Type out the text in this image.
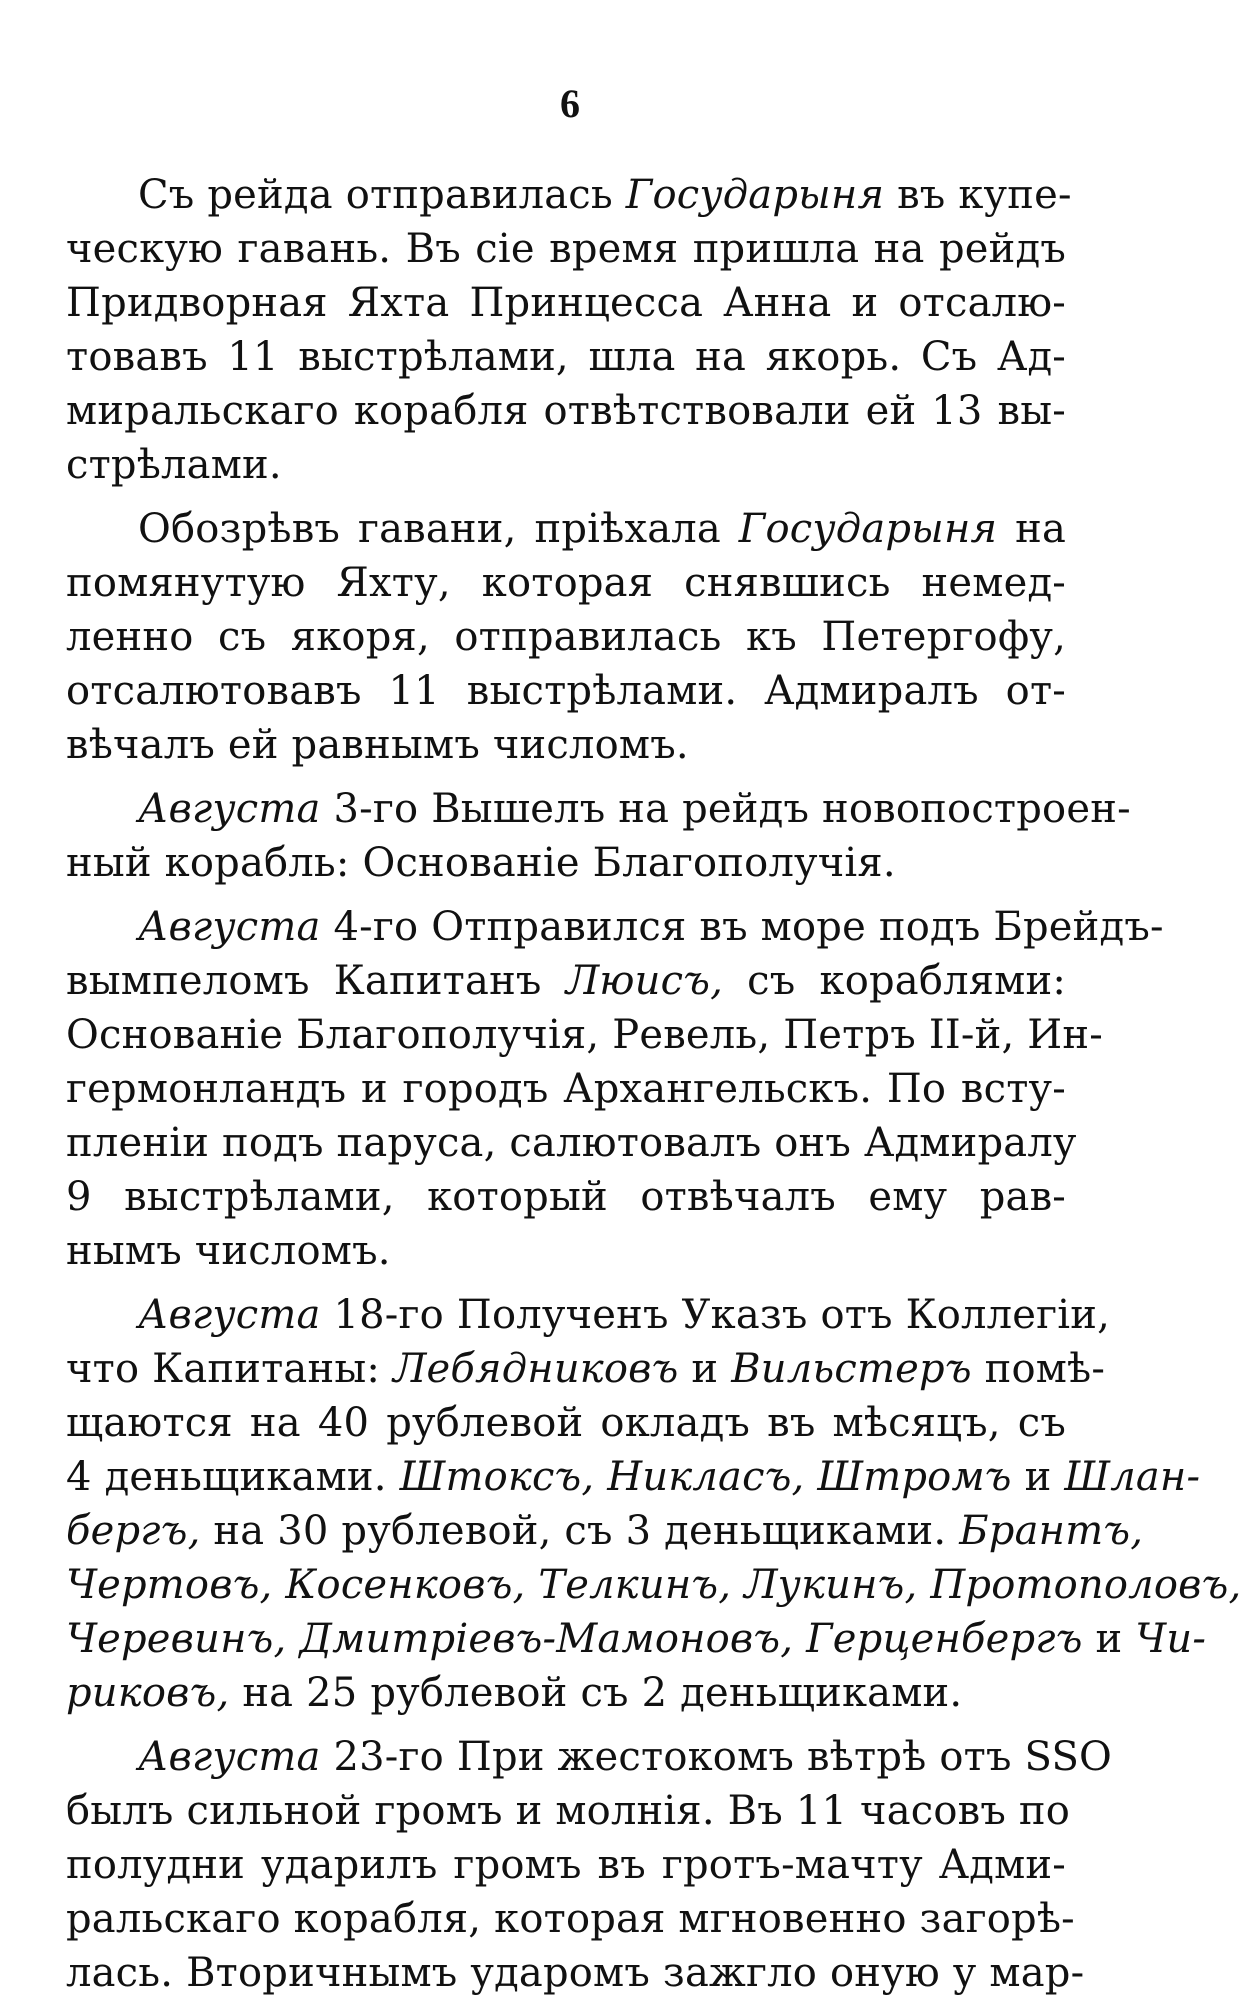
6
Съ рейда отправилась Государыня въ купе-
ческую гавань. Въ сіе время пришла на рейдъ
Придворная Яхта Принцесса Анна и отсалю-
товавъ 11 выстрѣлами, шла на якорь. Съ Ад-
миральскаго корабля отвѣтствовали ей 13 вы-
стрѣлами.
Обозрѣвъ гавани, пріѣхала Государыня на
помянутую Яхту, которая снявшись немед-
ленно съ якоря, отправилась къ Петергофу,
отсалютовавъ 11 выстрѣлами. Адмиралъ от-
вѣчалъ ей равнымъ числомъ.
Августа 3-го Вышелъ на рейдъ новопостроен-
ный корабль: Основаніе Благополучія.
Августа 4-го Отправился въ море подъ Брейдъ-
вымпеломъ Капитанъ Люисъ, съ кораблями:
Основаніе Благополучія, Ревель, Петръ II-й, Ин-
гермонландъ и городъ Архангельскъ. По всту-
пленіи подъ паруса, салютовалъ онъ Адмиралу
9 выстрѣлами, который отвѣчалъ ему рав-
нымъ числомъ.
Августа 18-го Полученъ Указъ отъ Коллегіи,
что Капитаны: Лебядниковъ и Вильстеръ помѣ-
щаются на 40 рублевой окладъ въ мѣсяцъ, съ
4 деньщиками. Штоксъ, Никласъ, Штромъ и Шлан-
бергъ, на 30 рублевой, съ 3 деньщиками. Брантъ,
Чертовъ, Косенковъ, Телкинъ, Лукинъ, Протополовъ,
Черевинъ, Дмитріевъ-Мамоновъ, Герценбергъ и Чи-
риковъ, на 25 рублевой съ 2 деньщиками.
Августа 23-го При жестокомъ вѣтрѣ отъ SSO
былъ сильной громъ и молнія. Въ 11 часовъ по
полудни ударилъ громъ въ гротъ-мачту Адми-
ральскаго корабля, которая мгновенно загорѣ-
лась. Вторичнымъ ударомъ зажгло оную у мар-
